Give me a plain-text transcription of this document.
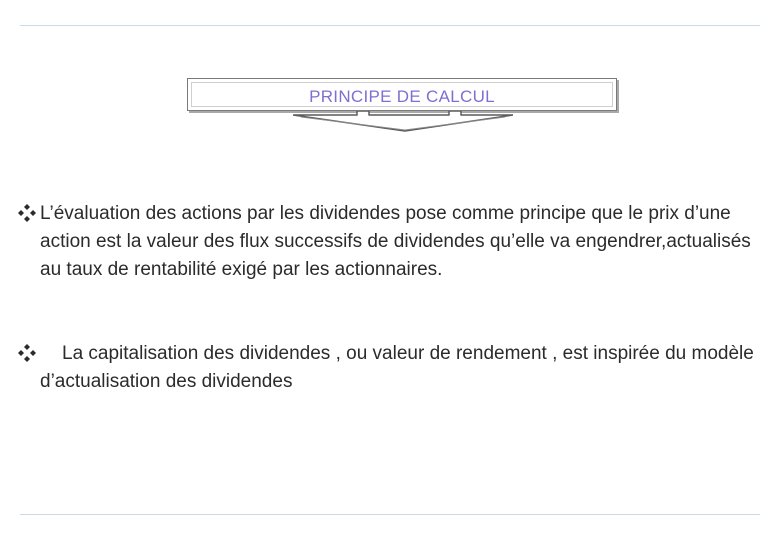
PRINCIPE DE CALCUL
L’évaluation des actions par les dividendes pose comme principe que le prix d’une action est la valeur des flux successifs de dividendes qu’elle va engendrer,actualisés au taux de rentabilité exigé par les actionnaires.
La capitalisation des dividendes , ou valeur de rendement , est inspirée du modèle d’actualisation des dividendes
